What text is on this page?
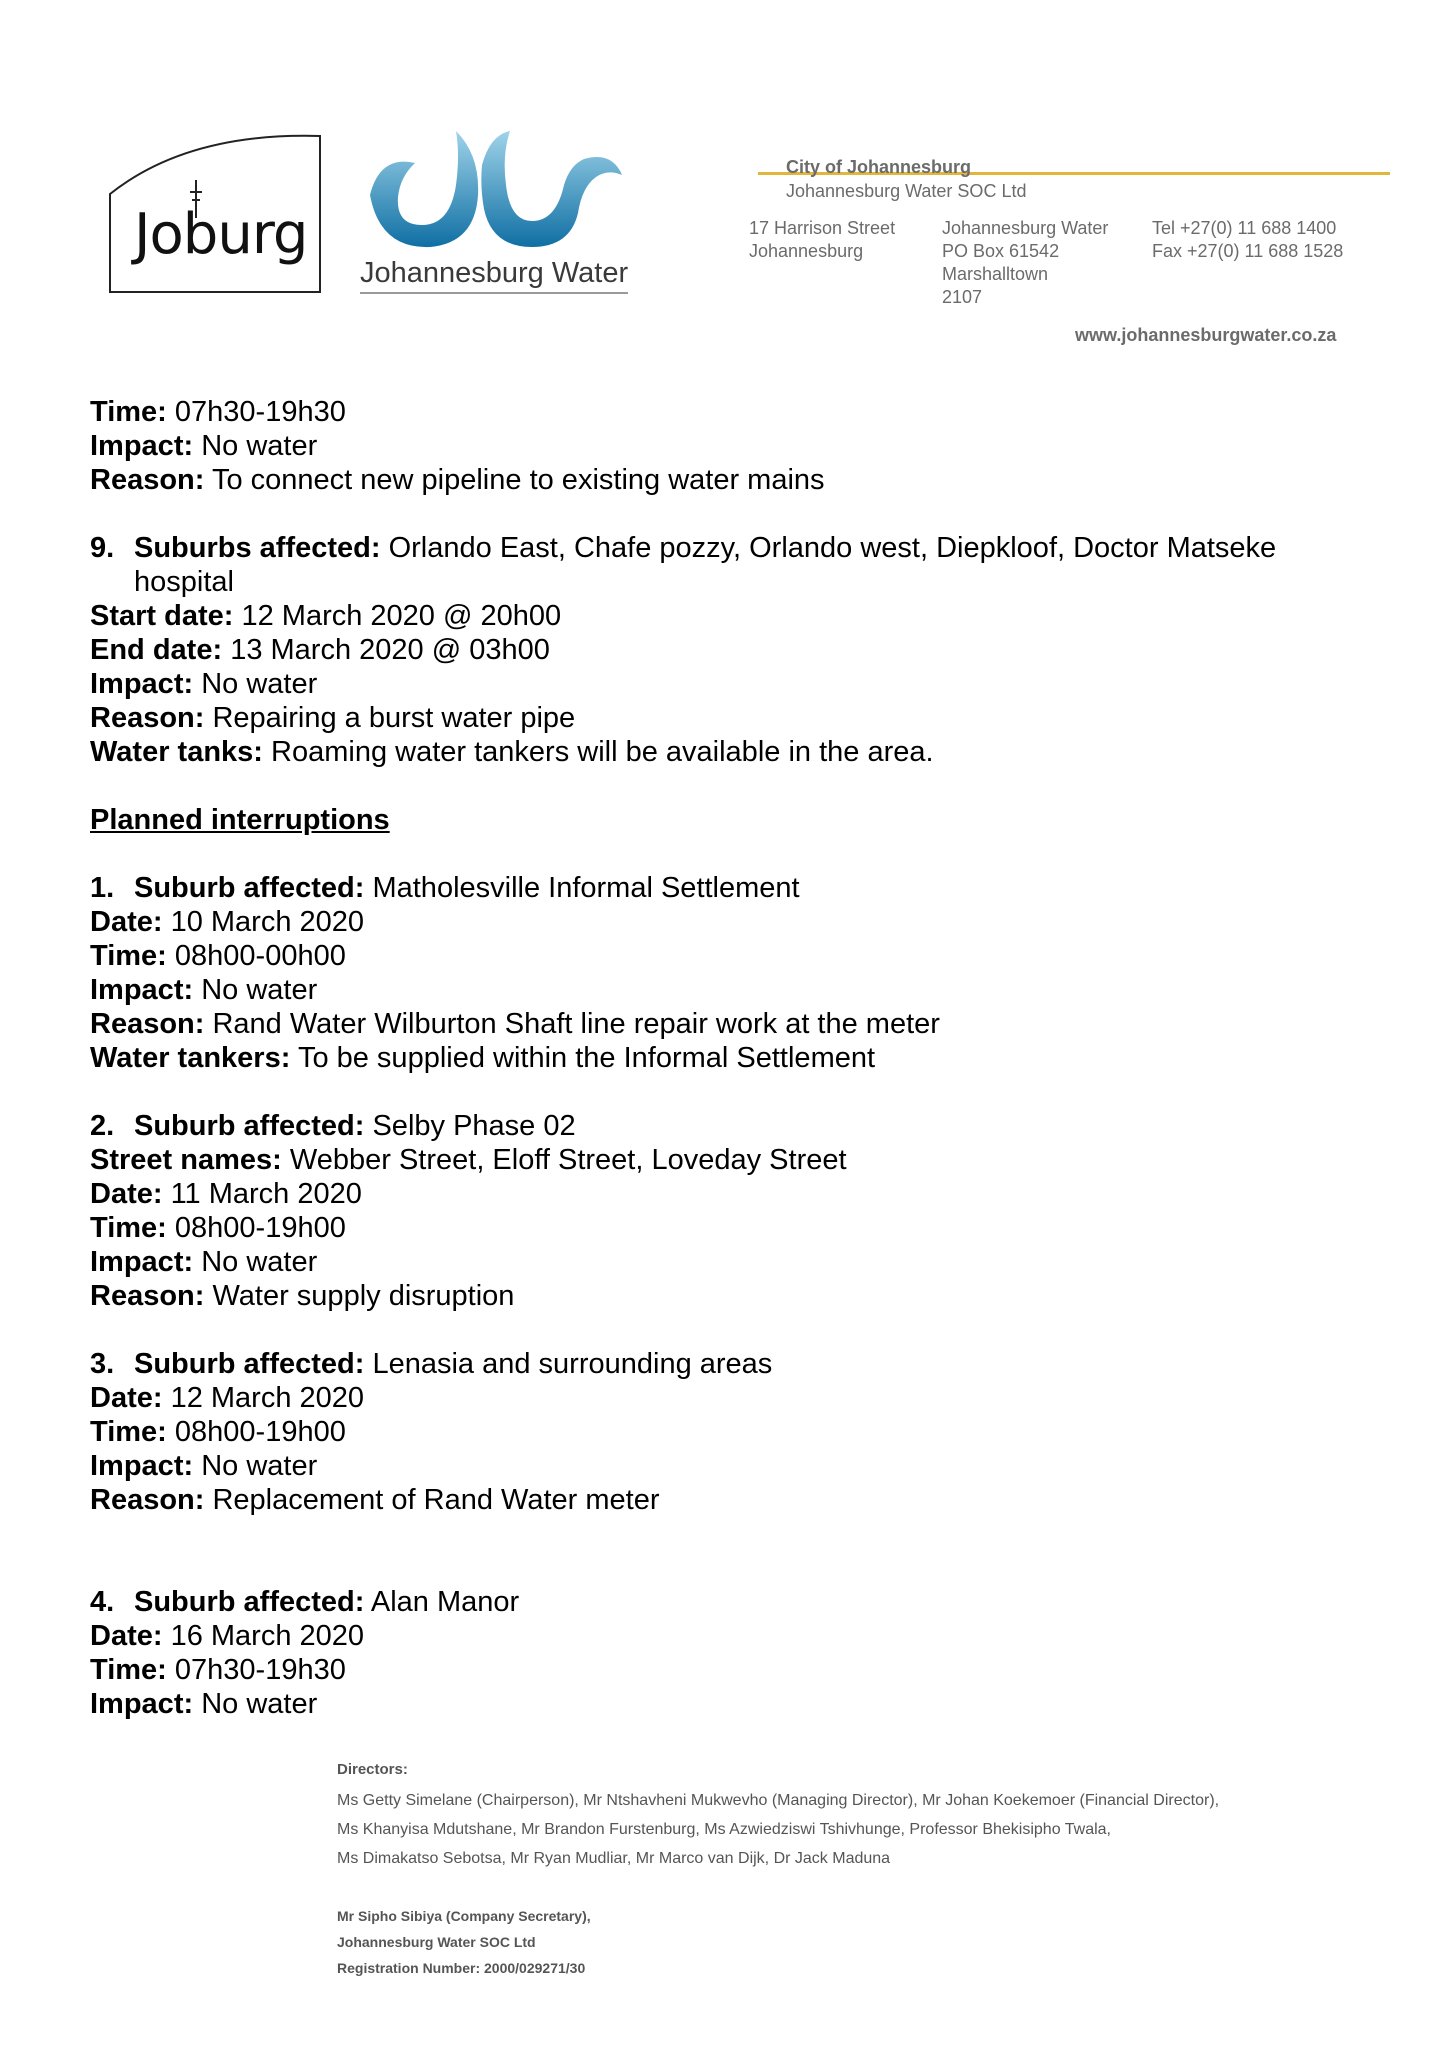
Joburg
Johannesburg Water
City of Johannesburg
Johannesburg Water SOC Ltd
17 Harrison Street
Johannesburg
Johannesburg Water
PO Box 61542
Marshalltown
2107
Tel +27(0) 11 688 1400
Fax +27(0) 11 688 1528
www.johannesburgwater.co.za
Time: 07h30-19h30
Impact: No water
Reason: To connect new pipeline to existing water mains
9. Suburbs affected: Orlando East, Chafe pozzy, Orlando west, Diepkloof, Doctor Matseke
hospital
Start date: 12 March 2020 @ 20h00
End date: 13 March 2020 @ 03h00
Impact: No water
Reason: Repairing a burst water pipe
Water tanks: Roaming water tankers will be available in the area.
Planned interruptions
1. Suburb affected: Matholesville Informal Settlement
Date: 10 March 2020
Time: 08h00-00h00
Impact: No water
Reason: Rand Water Wilburton Shaft line repair work at the meter
Water tankers: To be supplied within the Informal Settlement
2. Suburb affected: Selby Phase 02
Street names: Webber Street, Eloff Street, Loveday Street
Date: 11 March 2020
Time: 08h00-19h00
Impact: No water
Reason: Water supply disruption
3. Suburb affected: Lenasia and surrounding areas
Date: 12 March 2020
Time: 08h00-19h00
Impact: No water
Reason: Replacement of Rand Water meter
4. Suburb affected: Alan Manor
Date: 16 March 2020
Time: 07h30-19h30
Impact: No water
Directors:
Ms Getty Simelane (Chairperson), Mr Ntshavheni Mukwevho (Managing Director), Mr Johan Koekemoer (Financial Director),
Ms Khanyisa Mdutshane, Mr Brandon Furstenburg, Ms Azwiedziswi Tshivhunge, Professor Bhekisipho Twala,
Ms Dimakatso Sebotsa, Mr Ryan Mudliar, Mr Marco van Dijk, Dr Jack Maduna
Mr Sipho Sibiya (Company Secretary),
Johannesburg Water SOC Ltd
Registration Number: 2000/029271/30
